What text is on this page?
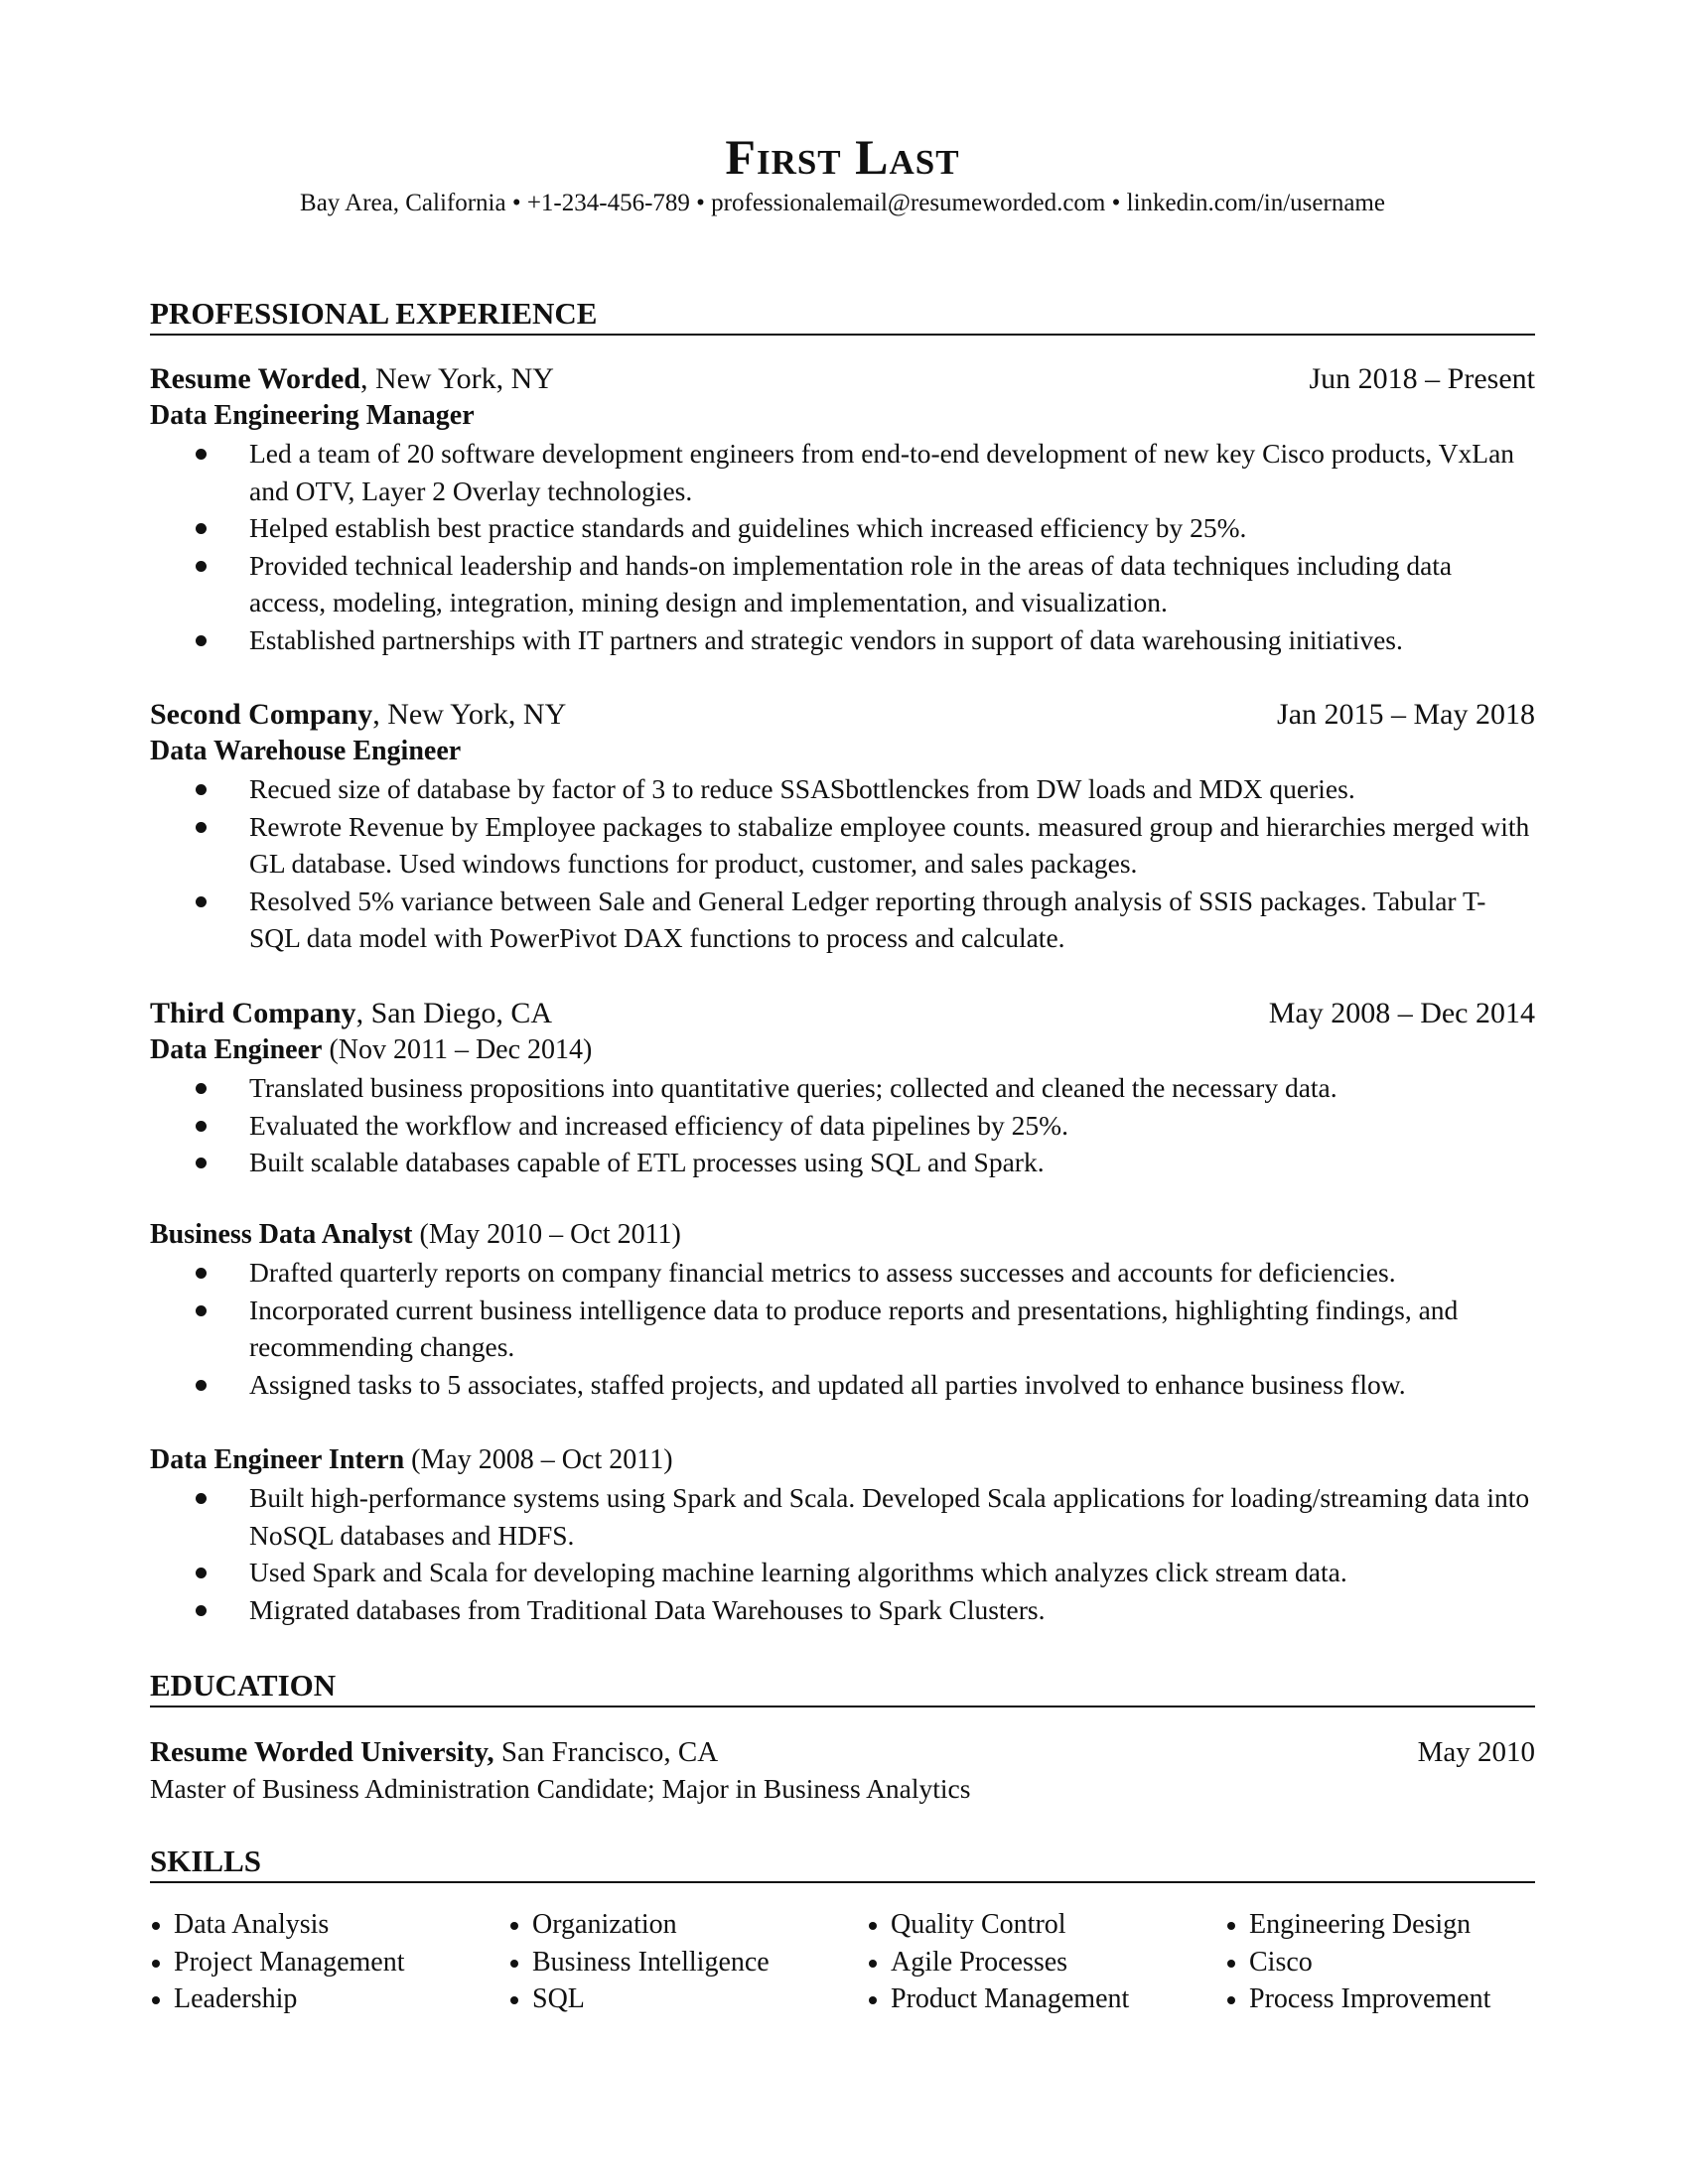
First Last
Bay Area, California • +1-234-456-789 • professionalemail@resumeworded.com • linkedin.com/in/username
PROFESSIONAL EXPERIENCE
Resume Worded, New York, NY	Jun 2018 – Present
Data Engineering Manager
Led a team of 20 software development engineers from end-to-end development of new key Cisco products, VxLan and OTV, Layer 2 Overlay technologies.
Helped establish best practice standards and guidelines which increased efficiency by 25%.
Provided technical leadership and hands-on implementation role in the areas of data techniques including data access, modeling, integration, mining design and implementation, and visualization.
Established partnerships with IT partners and strategic vendors in support of data warehousing initiatives.
Second Company, New York, NY	Jan 2015 – May 2018
Data Warehouse Engineer
Recued size of database by factor of 3 to reduce SSASbottlenckes from DW loads and MDX queries.
Rewrote Revenue by Employee packages to stabalize employee counts. measured group and hierarchies merged with GL database. Used windows functions for product, customer, and sales packages.
Resolved 5% variance between Sale and General Ledger reporting through analysis of SSIS packages. Tabular T-SQL data model with PowerPivot DAX functions to process and calculate.
Third Company, San Diego, CA	May 2008 – Dec 2014
Data Engineer (Nov 2011 – Dec 2014)
Translated business propositions into quantitative queries; collected and cleaned the necessary data.
Evaluated the workflow and increased efficiency of data pipelines by 25%.
Built scalable databases capable of ETL processes using SQL and Spark.
Business Data Analyst (May 2010 – Oct 2011)
Drafted quarterly reports on company financial metrics to assess successes and accounts for deficiencies.
Incorporated current business intelligence data to produce reports and presentations, highlighting findings, and recommending changes.
Assigned tasks to 5 associates, staffed projects, and updated all parties involved to enhance business flow.
Data Engineer Intern (May 2008 – Oct 2011)
Built high-performance systems using Spark and Scala. Developed Scala applications for loading/streaming data into NoSQL databases and HDFS.
Used Spark and Scala for developing machine learning algorithms which analyzes click stream data.
Migrated databases from Traditional Data Warehouses to Spark Clusters.
EDUCATION
Resume Worded University, San Francisco, CA	May 2010
Master of Business Administration Candidate; Major in Business Analytics
SKILLS
Data Analysis	Organization	Quality Control	Engineering Design
Project Management	Business Intelligence	Agile Processes	Cisco
Leadership	SQL	Product Management	Process Improvement
